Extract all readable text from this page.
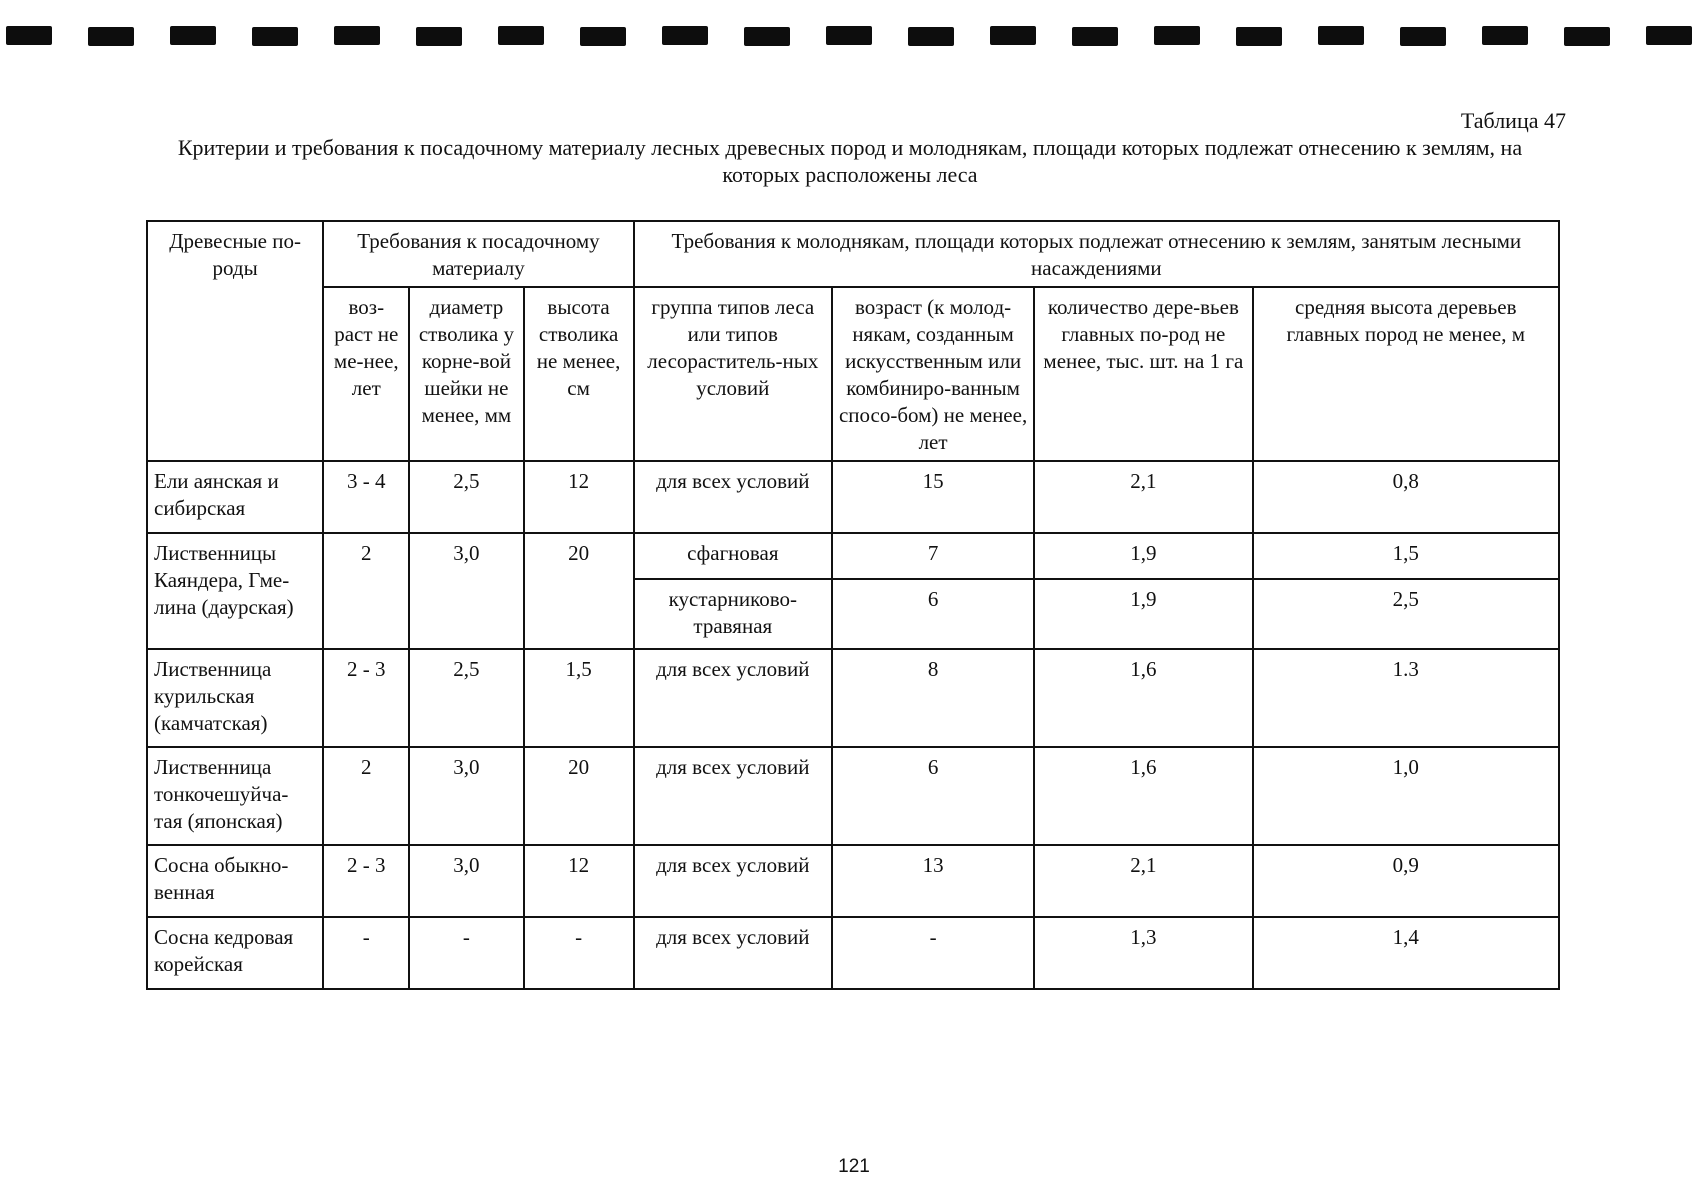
Таблица 47
Критерии и требования к посадочному материалу лесных древесных пород и молоднякам, площади которых подлежат отнесению к землям, на которых расположены леса
Древесные по-роды	Требования к посадочному материалу			Требования к молоднякам, площади которых подлежат отнесению к землям, занятым лесными насаждениями			
	воз-раст не ме-нее, лет	диаметр стволика у корне-вой шейки не менее, мм	высота стволика не менее, см	группа типов леса или типов лесораститель-ных условий	возраст (к молод-някам, созданным искусственным или комбиниро-ванным спосо-бом) не менее, лет	количество дере-вьев главных по-род не менее, тыс. шт. на 1 га	средняя высота деревьев главных пород не менее, м
Ели аянская и сибирская	3 - 4	2,5	12	для всех условий	15	2,1	0,8
Лиственницы Каяндера, Гме-лина (даурская)	2	3,0	20	сфагновая	7	1,9	1,5
				кустарниково-травяная	6	1,9	2,5
Лиственница курильская (камчатская)	2 - 3	2,5	1,5	для всех условий	8	1,6	1.3
Лиственница тонкочешуйча-тая (японская)	2	3,0	20	для всех условий	6	1,6	1,0
Сосна обыкно-венная	2 - 3	3,0	12	для всех условий	13	2,1	0,9
Сосна кедровая корейская	-	-	-	для всех условий	-	1,3	1,4
121
